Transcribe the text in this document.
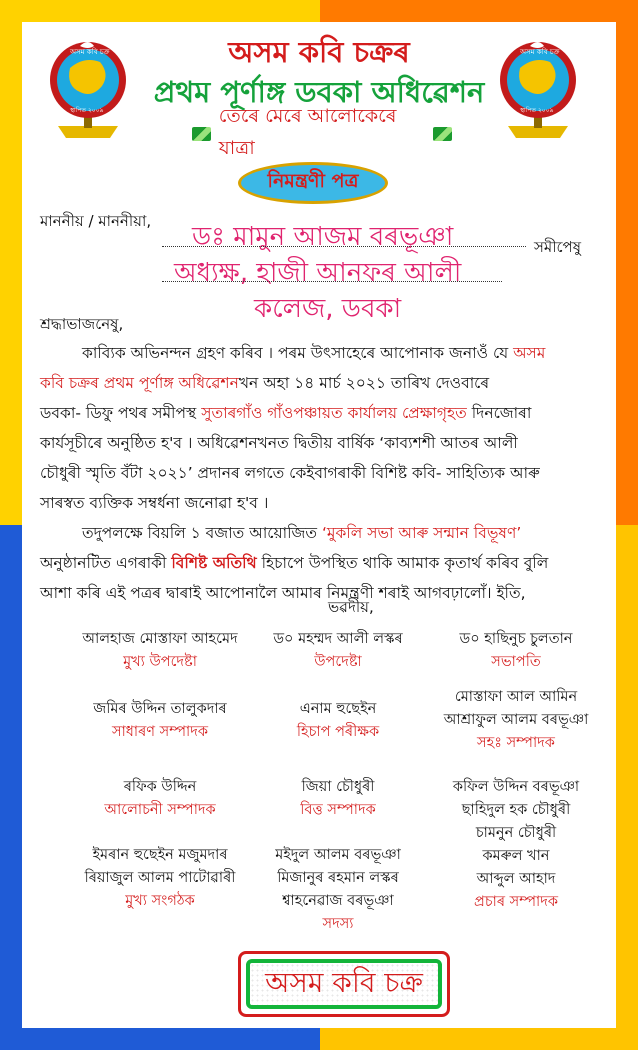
অসম কবি চক্ৰ
স্থাপিত ২০০৯
অসম কবি চক্ৰ
স্থাপিত ২০০৯
অসম কবি চক্ৰৰ
প্ৰথম পূৰ্ণাঙ্গ ডবকা অধিৱেশন
তেৰে মেৰে আলোকেৰে যাত্ৰা
নিমন্ত্ৰণী পত্ৰ
মাননীয় / মাননীয়া,
ডঃ মামুন আজম বৰভূঞা	সমীপেষু
অধ্যক্ষ, হাজী আনফৰ আলী
কলেজ, ডবকা
শ্ৰদ্ধাভাজনেষু,

কাব্যিক অভিনন্দন গ্ৰহণ কৰিব । পৰম উৎসাহেৰে আপোনাক জনাওঁ যে অসম

কবি চক্ৰৰ প্ৰথম পূৰ্ণাঙ্গ অধিৱেশনখন অহা ১৪ মাৰ্চ ২০২১ তাৰিখ দেওবাৰে

ডবকা- ডিফু পথৰ সমীপস্থ সুতাৰগাঁও গাঁওপঞ্চায়ত কাৰ্যালয় প্ৰেক্ষাগৃহত দিনজোৰা

কাৰ্যসূচীৰে অনুষ্ঠিত হ'ব । অধিৱেশনখনত দ্বিতীয় বাৰ্ষিক ‘কাব্যশশী আতৰ আলী

চৌধুৰী স্মৃতি বঁটা ২০২১’ প্ৰদানৰ লগতে কেইবাগৰাকী বিশিষ্ট কবি- সাহিত্যিক আৰু

সাৰস্বত ব্যক্তিক সম্বৰ্ধনা জনোৱা হ'ব ।

তদুপলক্ষে বিয়লি ১ বজাত আয়োজিত ‘মুকলি সভা আৰু সন্মান বিভূষণ’

অনুষ্ঠানটিত এগৰাকী বিশিষ্ট অতিথি হিচাপে উপস্থিত থাকি আমাক কৃতাৰ্থ কৰিব বুলি

আশা কৰি এই পত্ৰৰ দ্বাৰাই আপোনালৈ আমাৰ নিমন্ত্ৰণী শৰাই আগবঢ়ালোঁ। ইতি,

ভৱদীয়,
আলহাজ মোস্তাফা আহমেদ
মুখ্য উপদেষ্টা
ড০ মহম্মদ আলী লস্কৰ
উপদেষ্টা
ড০ হাছিনুচ চুলতান
সভাপতি
জমিৰ উদ্দিন তালুকদাৰ
সাধাৰণ সম্পাদক
এনাম হুছেইন
হিচাপ পৰীক্ষক
মোস্তাফা আল আমিন
আশ্ৰাফুল আলম বৰভূঞা
সহঃ সম্পাদক
ৰফিক উদ্দিন
আলোচনী সম্পাদক
জিয়া চৌধুৰী
বিত্ত সম্পাদক
কফিল উদ্দিন বৰভূঞা
ছাহিদুল হক চৌধুৰী
চামনুন চৌধুৰী
কমৰুল খান
আব্দুল আহাদ
প্ৰচাৰ সম্পাদক
ইমৰান হুছেইন মজুমদাৰ
ৰিয়াজুল আলম পাটোৱাৰী
মুখ্য সংগঠক
মইদুল আলম বৰভূঞা
মিজানুৰ ৰহমান লস্কৰ
শ্বাহনেৱাজ বৰভূঞা
সদস্য
অসম কবি চক্ৰ
